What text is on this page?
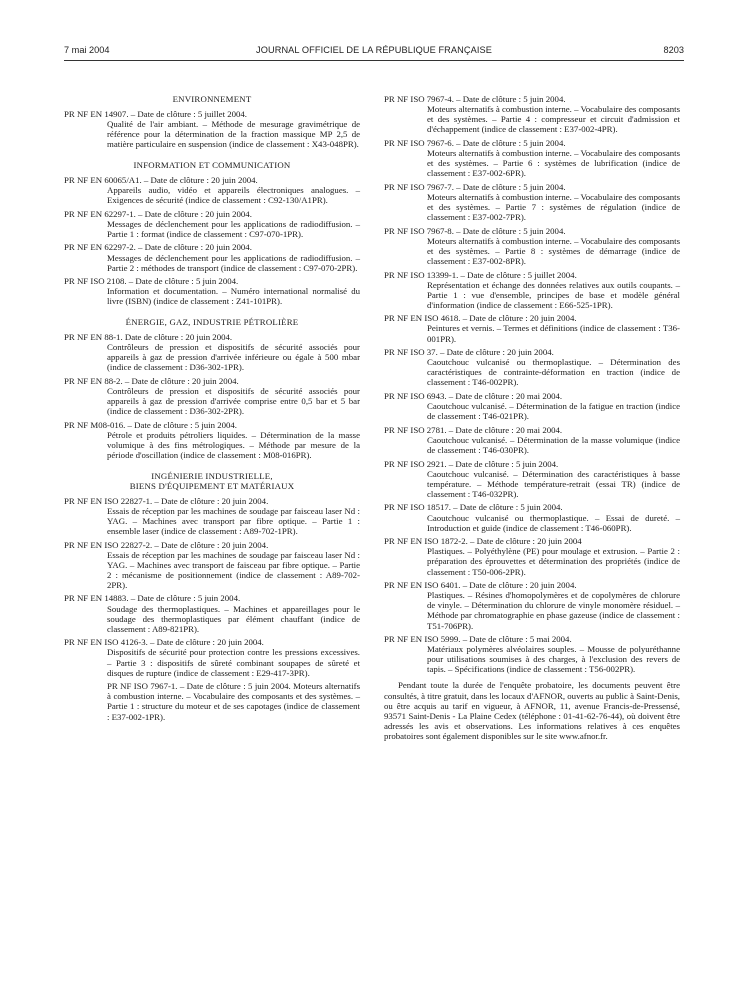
7 mai 2004	JOURNAL OFFICIEL DE LA RÉPUBLIQUE FRANÇAISE	8203
ENVIRONNEMENT
PR NF EN 14907. – Date de clôture : 5 juillet 2004.
Qualité de l'air ambiant. – Méthode de mesurage gravimétrique de référence pour la détermination de la fraction massique MP 2,5 de matière particulaire en suspension (indice de classement : X43-048PR).
INFORMATION ET COMMUNICATION
PR NF EN 60065/A1. – Date de clôture : 20 juin 2004.
Appareils audio, vidéo et appareils électroniques analogues. – Exigences de sécurité (indice de classement : C92-130/A1PR).
PR NF EN 62297-1. – Date de clôture : 20 juin 2004.
Messages de déclenchement pour les applications de radiodiffusion. – Partie 1 : format (indice de classement : C97-070-1PR).
PR NF EN 62297-2. – Date de clôture : 20 juin 2004.
Messages de déclenchement pour les applications de radiodiffusion. – Partie 2 : méthodes de transport (indice de classement : C97-070-2PR).
PR NF ISO 2108. – Date de clôture : 5 juin 2004.
Information et documentation. – Numéro international normalisé du livre (ISBN) (indice de classement : Z41-101PR).
ÉNERGIE, GAZ, INDUSTRIE PÉTROLIÈRE
PR NF EN 88-1. Date de clôture : 20 juin 2004.
Contrôleurs de pression et dispositifs de sécurité associés pour appareils à gaz de pression d'arrivée inférieure ou égale à 500 mbar (indice de classement : D36-302-1PR).
PR NF EN 88-2. – Date de clôture : 20 juin 2004.
Contrôleurs de pression et dispositifs de sécurité associés pour appareils à gaz de pression d'arrivée comprise entre 0,5 bar et 5 bar (indice de classement : D36-302-2PR).
PR NF M08-016. – Date de clôture : 5 juin 2004.
Pétrole et produits pétroliers liquides. – Détermination de la masse volumique à des fins métrologiques. – Méthode par mesure de la période d'oscillation (indice de classement : M08-016PR).
INGÉNIERIE INDUSTRIELLE,
BIENS D'ÉQUIPEMENT ET MATÉRIAUX
PR NF EN ISO 22827-1. – Date de clôture : 20 juin 2004.
Essais de réception par les machines de soudage par faisceau laser Nd : YAG. – Machines avec transport par fibre optique. – Partie 1 : ensemble laser (indice de classement : A89-702-1PR).
PR NF EN ISO 22827-2. – Date de clôture : 20 juin 2004.
Essais de réception par les machines de soudage par faisceau laser Nd : YAG. – Machines avec transport de faisceau par fibre optique. – Partie 2 : mécanisme de positionnement (indice de classement : A89-702-2PR).
PR NF EN 14883. – Date de clôture : 5 juin 2004.
Soudage des thermoplastiques. – Machines et appareillages pour le soudage des thermoplastiques par élément chauffant (indice de classement : A89-821PR).
PR NF EN ISO 4126-3. – Date de clôture : 20 juin 2004.
Dispositifs de sécurité pour protection contre les pressions excessives. – Partie 3 : dispositifs de sûreté combinant soupapes de sûreté et disques de rupture (indice de classement : E29-417-3PR).
PR NF ISO 7967-1. – Date de clôture : 5 juin 2004. Moteurs alternatifs à combustion interne. – Vocabulaire des composants et des systèmes. – Partie 1 : structure du moteur et de ses capotages (indice de classement : E37-002-1PR).
PR NF ISO 7967-4. – Date de clôture : 5 juin 2004.
Moteurs alternatifs à combustion interne. – Vocabulaire des composants et des systèmes. – Partie 4 : compresseur et circuit d'admission et d'échappement (indice de classement : E37-002-4PR).
PR NF ISO 7967-6. – Date de clôture : 5 juin 2004.
Moteurs alternatifs à combustion interne. – Vocabulaire des composants et des systèmes. – Partie 6 : systèmes de lubrification (indice de classement : E37-002-6PR).
PR NF ISO 7967-7. – Date de clôture : 5 juin 2004.
Moteurs alternatifs à combustion interne. – Vocabulaire des composants et des systèmes. – Partie 7 : systèmes de régulation (indice de classement : E37-002-7PR).
PR NF ISO 7967-8. – Date de clôture : 5 juin 2004.
Moteurs alternatifs à combustion interne. – Vocabulaire des composants et des systèmes. – Partie 8 : systèmes de démarrage (indice de classement : E37-002-8PR).
PR NF ISO 13399-1. – Date de clôture : 5 juillet 2004.
Représentation et échange des données relatives aux outils coupants. – Partie 1 : vue d'ensemble, principes de base et modèle général d'information (indice de classement : E66-525-1PR).
PR NF EN ISO 4618. – Date de clôture : 20 juin 2004.
Peintures et vernis. – Termes et définitions (indice de classement : T36-001PR).
PR NF ISO 37. – Date de clôture : 20 juin 2004.
Caoutchouc vulcanisé ou thermoplastique. – Détermination des caractéristiques de contrainte-déformation en traction (indice de classement : T46-002PR).
PR NF ISO 6943. – Date de clôture : 20 mai 2004.
Caoutchouc vulcanisé. – Détermination de la fatigue en traction (indice de classement : T46-021PR).
PR NF ISO 2781. – Date de clôture : 20 mai 2004.
Caoutchouc vulcanisé. – Détermination de la masse volumique (indice de classement : T46-030PR).
PR NF ISO 2921. – Date de clôture : 5 juin 2004.
Caoutchouc vulcanisé. – Détermination des caractéristiques à basse température. – Méthode température-retrait (essai TR) (indice de classement : T46-032PR).
PR NF ISO 18517. – Date de clôture : 5 juin 2004.
Caoutchouc vulcanisé ou thermoplastique. – Essai de dureté. – Introduction et guide (indice de classement : T46-060PR).
PR NF EN ISO 1872-2. – Date de clôture : 20 juin 2004
Plastiques. – Polyéthylène (PE) pour moulage et extrusion. – Partie 2 : préparation des éprouvettes et détermination des propriétés (indice de classement : T50-006-2PR).
PR NF EN ISO 6401. – Date de clôture : 20 juin 2004.
Plastiques. – Résines d'homopolymères et de copolymères de chlorure de vinyle. – Détermination du chlorure de vinyle monomère résiduel. – Méthode par chromatographie en phase gazeuse (indice de classement : T51-706PR).
PR NF EN ISO 5999. – Date de clôture : 5 mai 2004.
Matériaux polymères alvéolaires souples. – Mousse de polyuréthanne pour utilisations soumises à des charges, à l'exclusion des revers de tapis. – Spécifications (indice de classement : T56-002PR).

Pendant toute la durée de l'enquête probatoire, les documents peuvent être consultés, à titre gratuit, dans les locaux d'AFNOR, ouverts au public à Saint-Denis, ou être acquis au tarif en vigueur, à AFNOR, 11, avenue Francis-de-Pressensé, 93571 Saint-Denis - La Plaine Cedex (téléphone : 01-41-62-76-44), où doivent être adressés les avis et observations. Les informations relatives à ces enquêtes probatoires sont également disponibles sur le site www.afnor.fr.
